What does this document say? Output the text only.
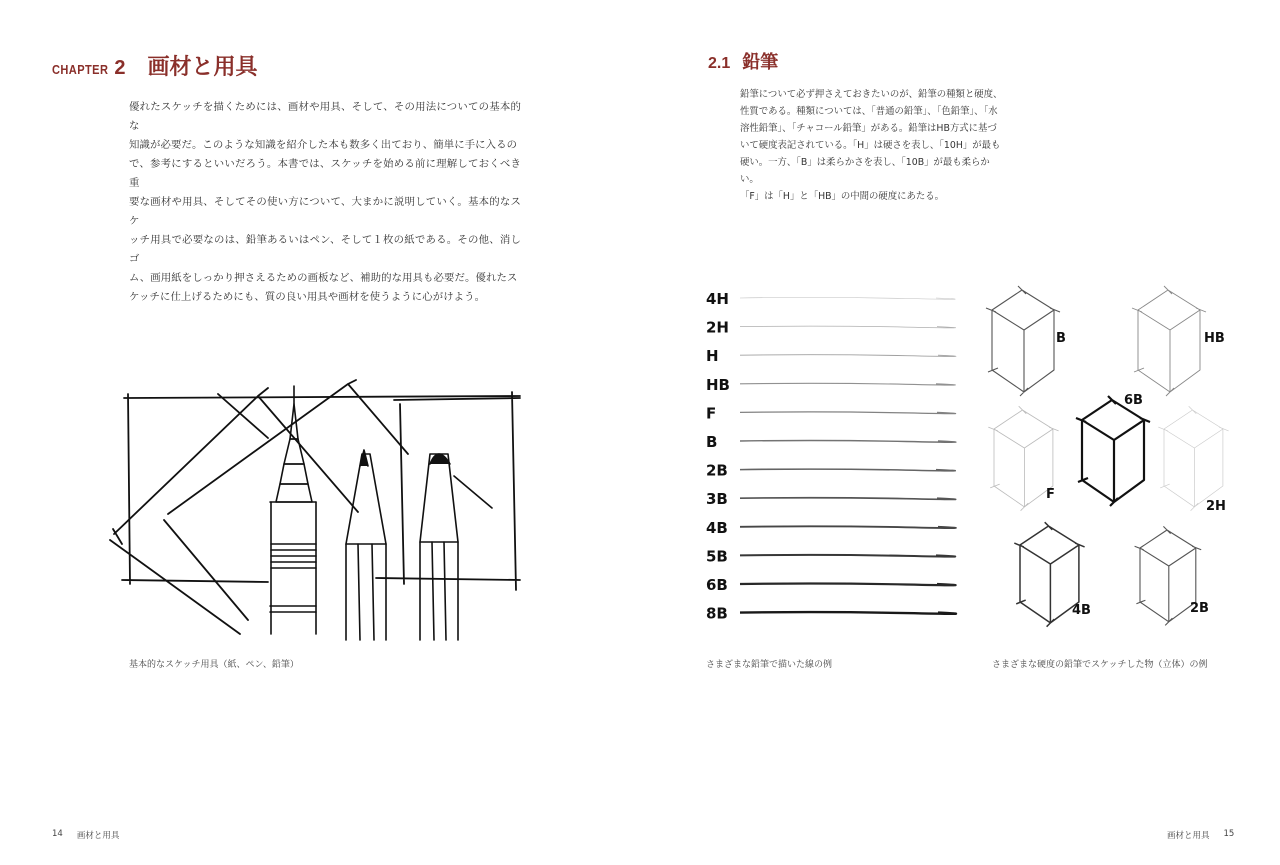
CHAPTER 2 画材と用具
優れたスケッチを描くためには、画材や用具、そして、その用法についての基本的な
知識が必要だ。このような知識を紹介した本も数多く出ており、簡単に手に入るの
で、参考にするといいだろう。本書では、スケッチを始める前に理解しておくべき重
要な画材や用具、そしてその使い方について、大まかに説明していく。基本的なスケ
ッチ用具で必要なのは、鉛筆あるいはペン、そして１枚の紙である。その他、消しゴ
ム、画用紙をしっかり押さえるための画板など、補助的な用具も必要だ。優れたス
ケッチに仕上げるためにも、質の良い用具や画材を使うように心がけよう。
基本的なスケッチ用具（紙、ペン、鉛筆）
14 画材と用具
2.1 鉛筆
鉛筆について必ず押さえておきたいのが、鉛筆の種類と硬度、
性質である。種類については、「普通の鉛筆」、「色鉛筆」、「水
溶性鉛筆」、「チャコール鉛筆」がある。鉛筆はHB方式に基づ
いて硬度表記されている。「H」は硬さを表し、「10H」が最も
硬い。一方、「B」は柔らかさを表し、「10B」が最も柔らかい。
「F」は「H」と「HB」の中間の硬度にあたる。
4H
2H
H
HB
F
B
2B
3B
4B
5B
6B
8B
B	HB
6B
F
2H
4B	2B
さまざまな鉛筆で描いた線の例	さまざまな硬度の鉛筆でスケッチした物（立体）の例
画材と用具 15
